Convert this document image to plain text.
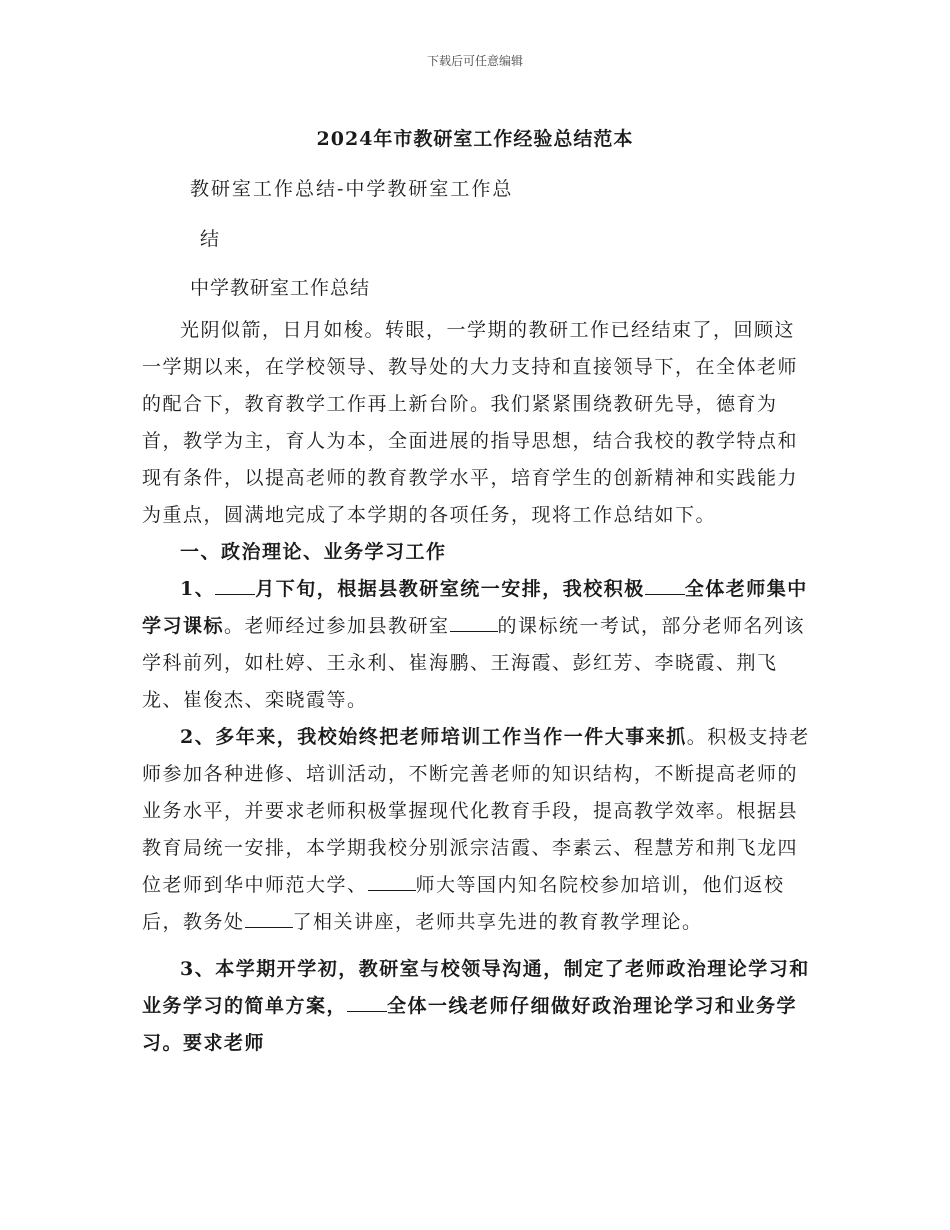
下载后可任意编辑
2024年市教研室工作经验总结范本
教研室工作总结-中学教研室工作总
结
中学教研室工作总结

光阴似箭，日月如梭。转眼，一学期的教研工作已经结束了，回顾这一学期以来，在学校领导、教导处的大力支持和直接领导下，在全体老师的配合下，教育教学工作再上新台阶。我们紧紧围绕教研先导，德育为首，教学为主，育人为本，全面进展的指导思想，结合我校的教学特点和现有条件，以提高老师的教育教学水平，培育学生的创新精神和实践能力为重点，圆满地完成了本学期的各项任务，现将工作总结如下。

一、政治理论、业务学习工作

1、 月下旬，根据县教研室统一安排，我校积极 全体老师集中学习课标。老师经过参加县教研室	的课标统一考试，部分老师名列该学科前列，如杜婷、王永利、崔海鹏、王海霞、彭红芳、李晓霞、荆飞龙、崔俊杰、栾晓霞等。

2、多年来，我校始终把老师培训工作当作一件大事来抓。积极支持老师参加各种进修、培训活动，不断完善老师的知识结构，不断提高老师的业务水平，并要求老师积极掌握现代化教育手段，提高教学效率。根据县教育局统一安排，本学期我校分别派宗洁霞、李素云、程慧芳和荆飞龙四位老师到华中师范大学、	师大等国内知名院校参加培训，他们返校后，教务处	了相关讲座，老师共享先进的教育教学理论。

3、本学期开学初，教研室与校领导沟通，制定了老师政治理论学习和业务学习的简单方案， 全体一线老师仔细做好政治理论学习和业务学习。要求老师
